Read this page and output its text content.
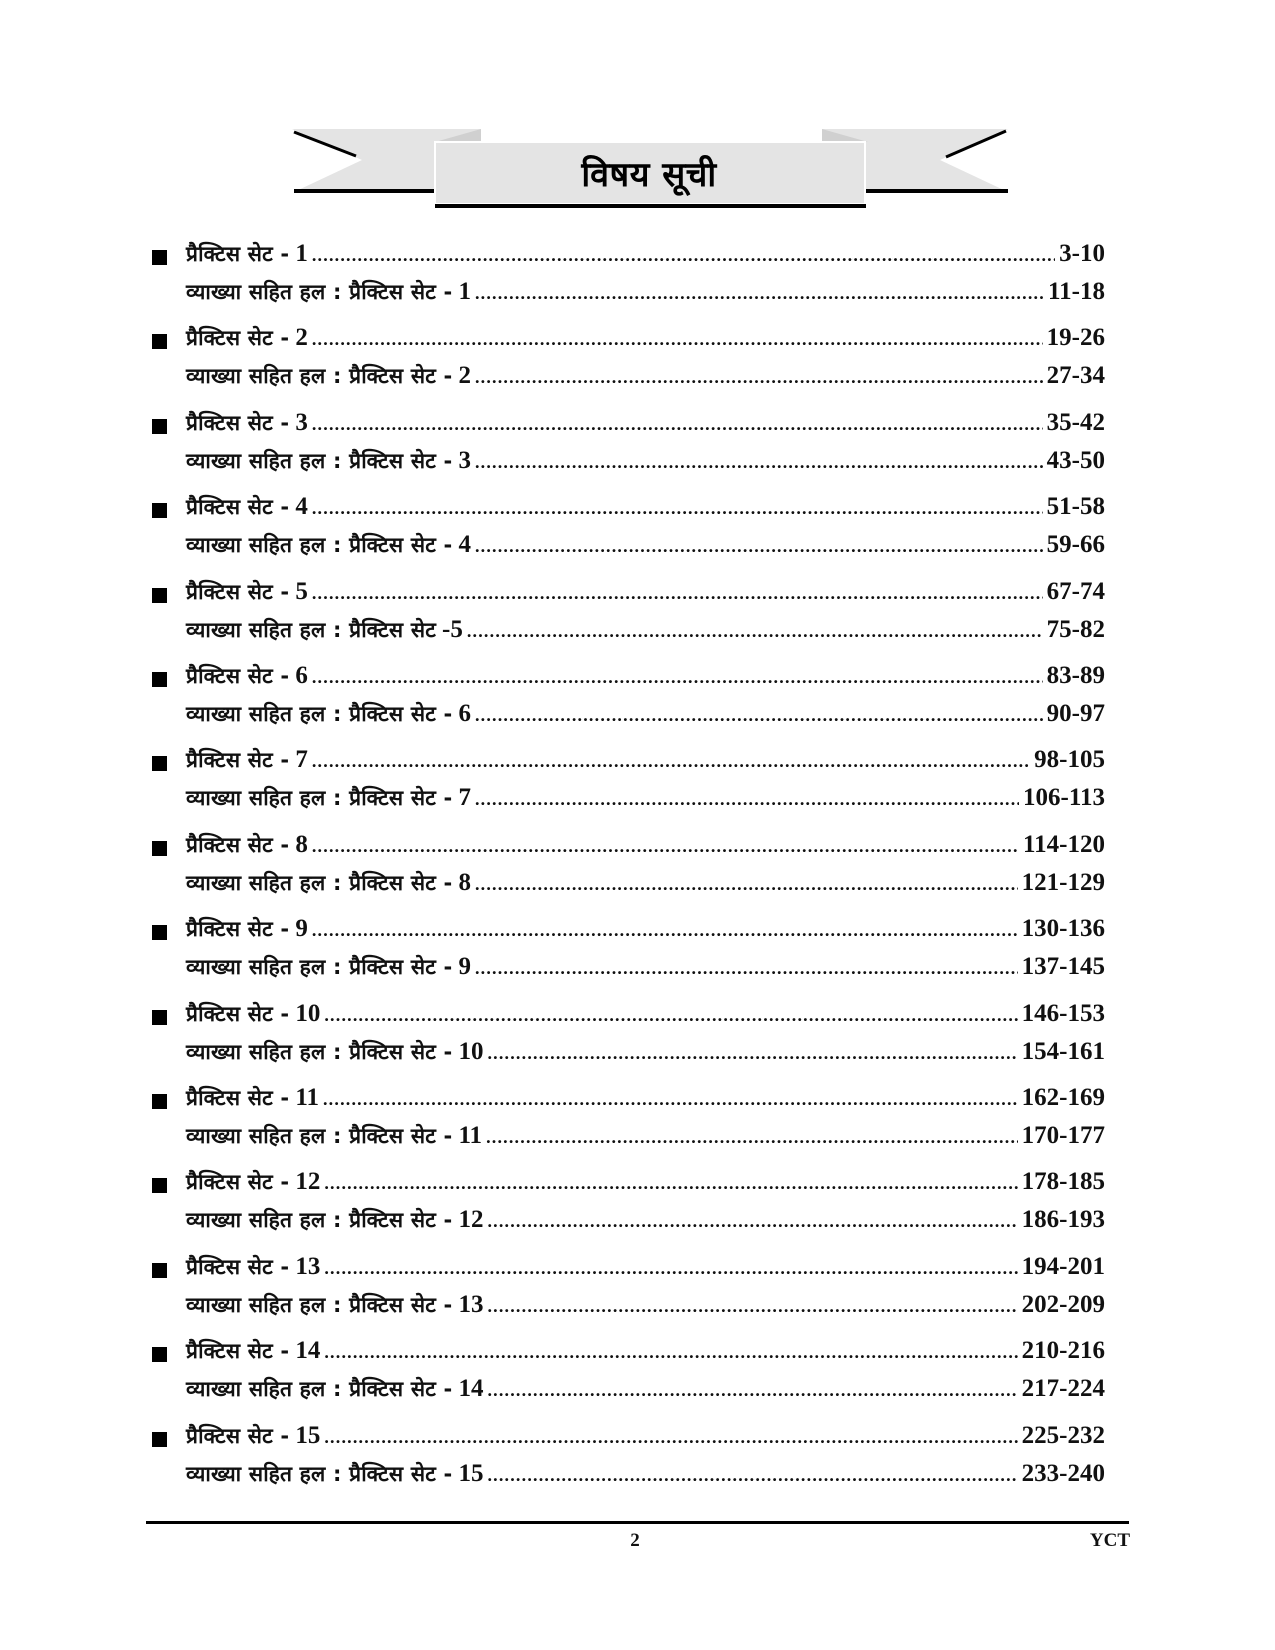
विषय सूची
प्रैक्टिस सेट - 1 .....	3-10
व्याख्या सहित हल : प्रैक्टिस सेट - 1 .....	11-18
प्रैक्टिस सेट - 2 .....	19-26
व्याख्या सहित हल : प्रैक्टिस सेट - 2 .....	27-34
प्रैक्टिस सेट - 3 .....	35-42
व्याख्या सहित हल : प्रैक्टिस सेट - 3 .....	43-50
प्रैक्टिस सेट - 4 .....	51-58
व्याख्या सहित हल : प्रैक्टिस सेट - 4 .....	59-66
प्रैक्टिस सेट - 5 .....	67-74
व्याख्या सहित हल : प्रैक्टिस सेट -5 .....	75-82
प्रैक्टिस सेट - 6 .....	83-89
व्याख्या सहित हल : प्रैक्टिस सेट - 6 .....	90-97
प्रैक्टिस सेट - 7 .....	98-105
व्याख्या सहित हल : प्रैक्टिस सेट - 7 .....	106-113
प्रैक्टिस सेट - 8 .....	114-120
व्याख्या सहित हल : प्रैक्टिस सेट - 8 .....	121-129
प्रैक्टिस सेट - 9 .....	130-136
व्याख्या सहित हल : प्रैक्टिस सेट - 9 .....	137-145
प्रैक्टिस सेट - 10 .....	146-153
व्याख्या सहित हल : प्रैक्टिस सेट - 10 .....	154-161
प्रैक्टिस सेट - 11 .....	162-169
व्याख्या सहित हल : प्रैक्टिस सेट - 11 .....	170-177
प्रैक्टिस सेट - 12 .....	178-185
व्याख्या सहित हल : प्रैक्टिस सेट - 12 .....	186-193
प्रैक्टिस सेट - 13 .....	194-201
व्याख्या सहित हल : प्रैक्टिस सेट - 13 .....	202-209
प्रैक्टिस सेट - 14 .....	210-216
व्याख्या सहित हल : प्रैक्टिस सेट - 14 .....	217-224
प्रैक्टिस सेट - 15 .....	225-232
व्याख्या सहित हल : प्रैक्टिस सेट - 15 .....	233-240
2	YCT
